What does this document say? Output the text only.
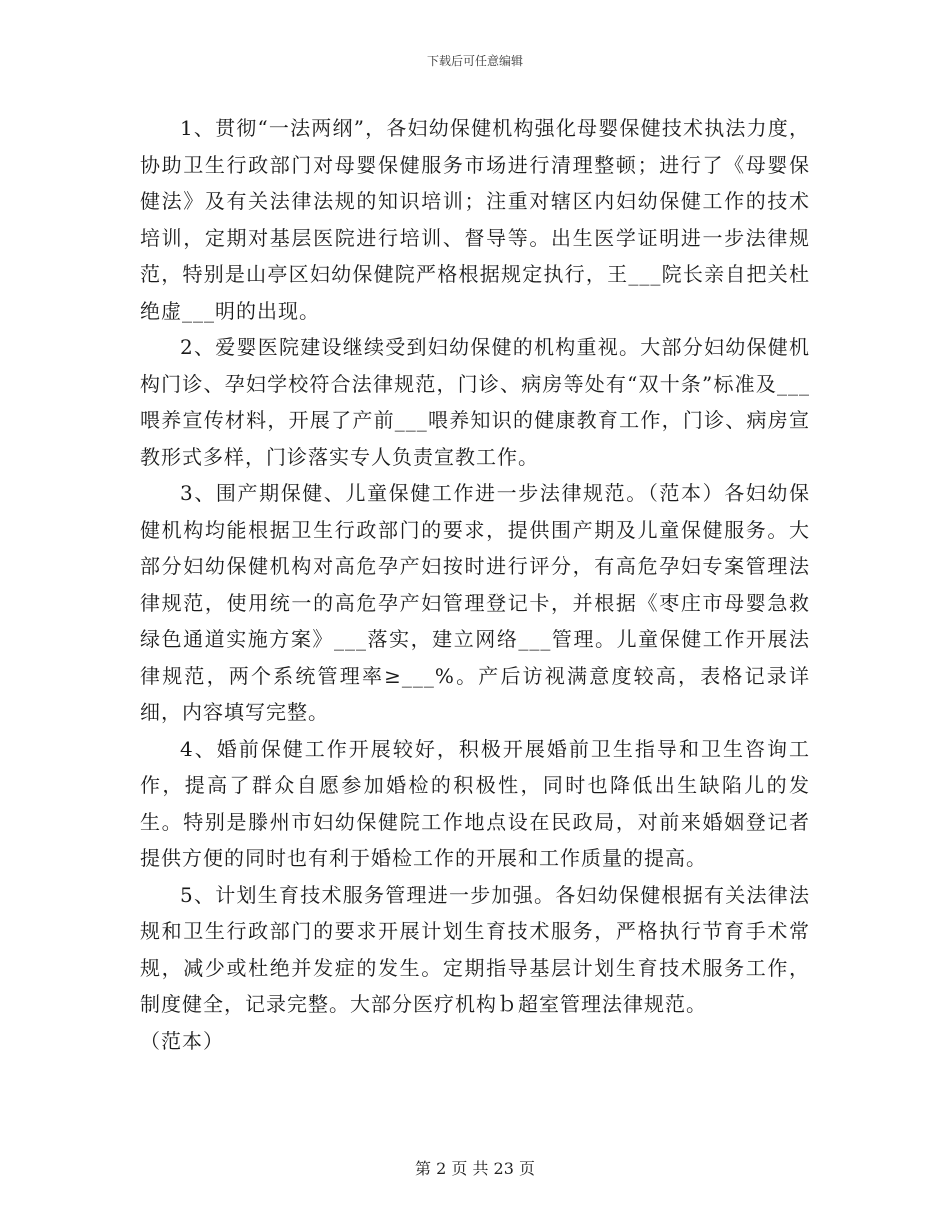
下载后可任意编辑

1、贯彻“一法两纲”，各妇幼保健机构强化母婴保健技术执法力度，协助卫生行政部门对母婴保健服务市场进行清理整顿；进行了《母婴保健法》及有关法律法规的知识培训；注重对辖区内妇幼保健工作的技术培训，定期对基层医院进行培训、督导等。出生医学证明进一步法律规范，特别是山亭区妇幼保健院严格根据规定执行，王___院长亲自把关杜绝虚___明的出现。

2、爱婴医院建设继续受到妇幼保健的机构重视。大部分妇幼保健机构门诊、孕妇学校符合法律规范，门诊、病房等处有“双十条”标准及___喂养宣传材料，开展了产前___喂养知识的健康教育工作，门诊、病房宣教形式多样，门诊落实专人负责宣教工作。

3、围产期保健、儿童保健工作进一步法律规范。（范本）各妇幼保健机构均能根据卫生行政部门的要求，提供围产期及儿童保健服务。大部分妇幼保健机构对高危孕产妇按时进行评分，有高危孕妇专案管理法律规范，使用统一的高危孕产妇管理登记卡，并根据《枣庄市母婴急救绿色通道实施方案》___落实，建立网络___管理。儿童保健工作开展法律规范，两个系统管理率≥___%。产后访视满意度较高，表格记录详细，内容填写完整。

4、婚前保健工作开展较好，积极开展婚前卫生指导和卫生咨询工作，提高了群众自愿参加婚检的积极性，同时也降低出生缺陷儿的发生。特别是滕州市妇幼保健院工作地点设在民政局，对前来婚姻登记者提供方便的同时也有利于婚检工作的开展和工作质量的提高。

5、计划生育技术服务管理进一步加强。各妇幼保健根据有关法律法规和卫生行政部门的要求开展计划生育技术服务，严格执行节育手术常规，减少或杜绝并发症的发生。定期指导基层计划生育技术服务工作，制度健全，记录完整。大部分医疗机构ｂ超室管理法律规范。

（范本）

第 2 页 共 23 页
